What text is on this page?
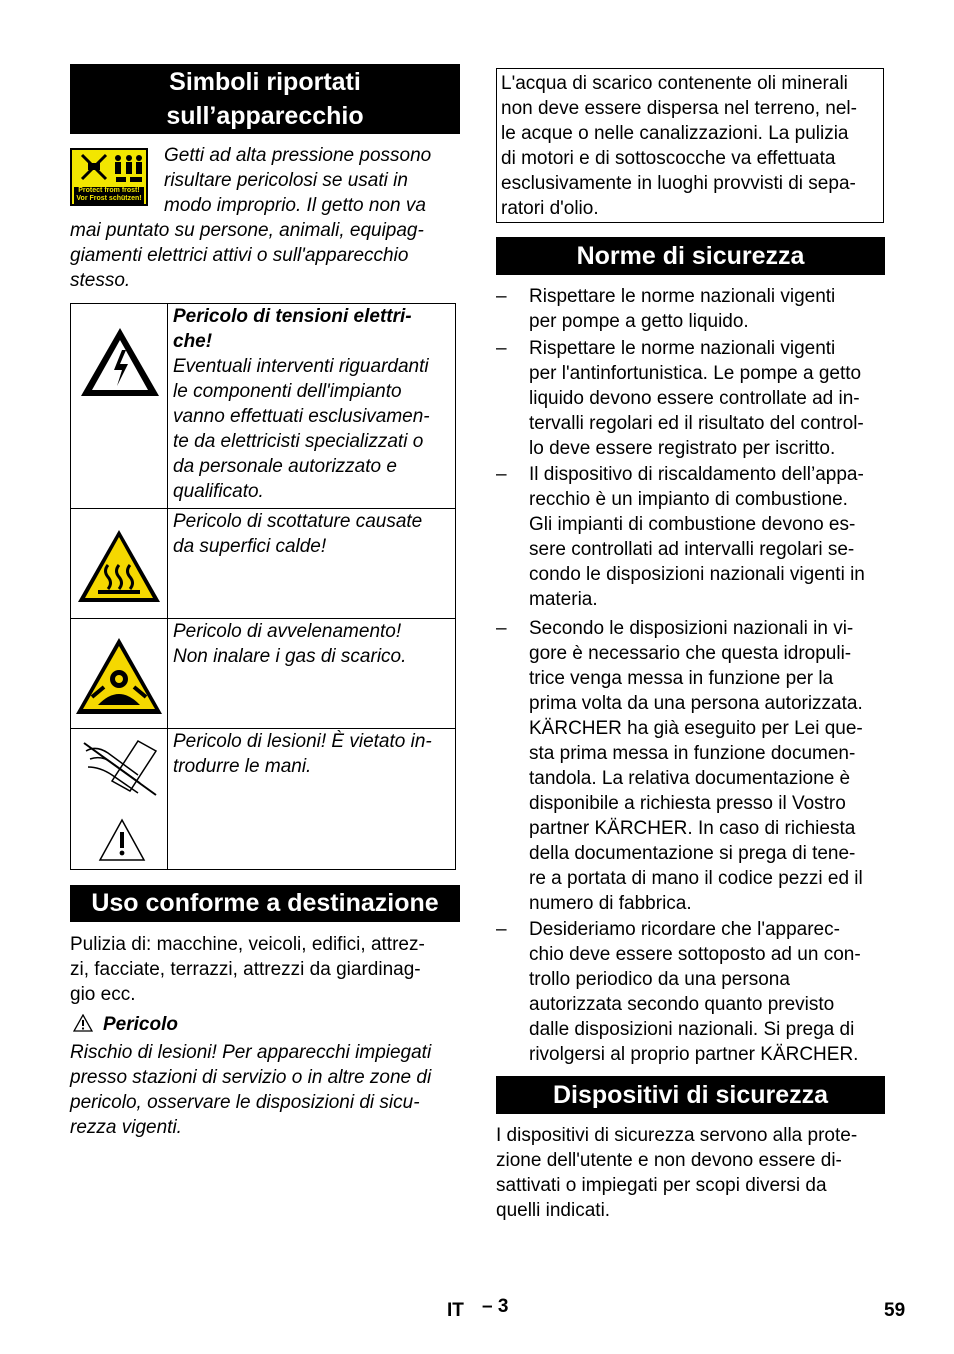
Simboli riportati
sull’apparecchio
Protect from frost!
Vor Frost schützen!
Getti ad alta pressione possono
risultare pericolosi se usati in
modo improprio. Il getto non va
mai puntato su persone, animali, equipag-
giamenti elettrici attivi o sull'apparecchio
stesso.
Pericolo di tensioni elettri-
che!
Eventuali interventi riguardanti
le componenti dell'impianto
vanno effettuati esclusivamen-
te da elettricisti specializzati o
da personale autorizzato e
qualificato.
Pericolo di scottature causate
da superfici calde!
Pericolo di avvelenamento!
Non inalare i gas di scarico.
Pericolo di lesioni! È vietato in-
trodurre le mani.
Uso conforme a destinazione
Pulizia di: macchine, veicoli, edifici, attrez-
zi, facciate, terrazzi, attrezzi da giardinag-
gio ecc.
Pericolo
Rischio di lesioni! Per apparecchi impiegati
presso stazioni di servizio o in altre zone di
pericolo, osservare le disposizioni di sicu-
rezza vigenti.
L'acqua di scarico contenente oli minerali
non deve essere dispersa nel terreno, nel-
le acque o nelle canalizzazioni. La pulizia
di motori e di sottoscocche va effettuata
esclusivamente in luoghi provvisti di sepa-
ratori d'olio.
Norme di sicurezza
– Rispettare le norme nazionali vigenti
per pompe a getto liquido.
– Rispettare le norme nazionali vigenti
per l'antinfortunistica. Le pompe a getto
liquido devono essere controllate ad in-
tervalli regolari ed il risultato del control-
lo deve essere registrato per iscritto.
– Il dispositivo di riscaldamento dell’appa-
recchio è un impianto di combustione.
Gli impianti di combustione devono es-
sere controllati ad intervalli regolari se-
condo le disposizioni nazionali vigenti in
materia.
– Secondo le disposizioni nazionali in vi-
gore è necessario che questa idropuli-
trice venga messa in funzione per la
prima volta da una persona autorizzata.
KÄRCHER ha già eseguito per Lei que-
sta prima messa in funzione documen-
tandola. La relativa documentazione è
disponibile a richiesta presso il Vostro
partner KÄRCHER. In caso di richiesta
della documentazione si prega di tene-
re a portata di mano il codice pezzi ed il
numero di fabbrica.
– Desideriamo ricordare che l'apparec-
chio deve essere sottoposto ad un con-
trollo periodico da una persona
autorizzata secondo quanto previsto
dalle disposizioni nazionali. Si prega di
rivolgersi al proprio partner KÄRCHER.
Dispositivi di sicurezza
I dispositivi di sicurezza servono alla prote-
zione dell'utente e non devono essere di-
sattivati o impiegati per scopi diversi da
quelli indicati.
IT – 3	59
